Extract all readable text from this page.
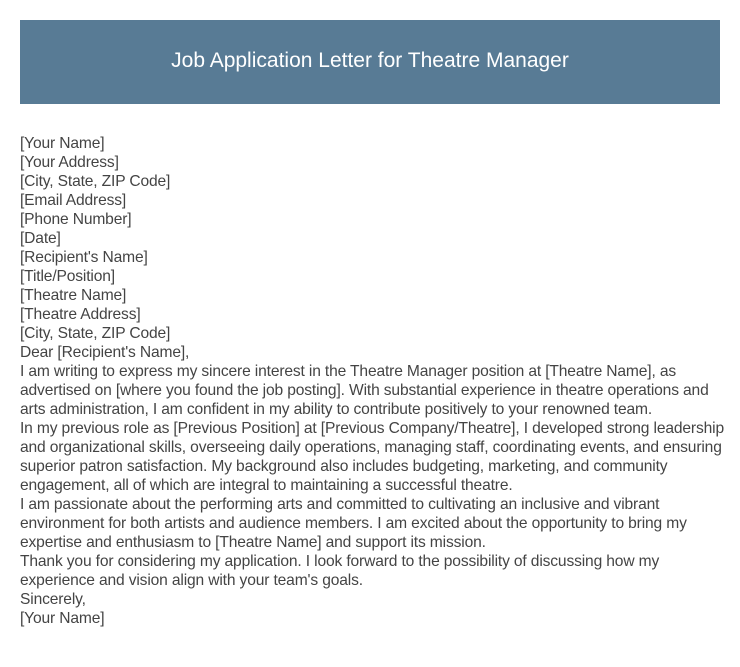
Job Application Letter for Theatre Manager
[Your Name]
[Your Address]
[City, State, ZIP Code]
[Email Address]
[Phone Number]
[Date]
[Recipient's Name]
[Title/Position]
[Theatre Name]
[Theatre Address]
[City, State, ZIP Code]
Dear [Recipient's Name],
I am writing to express my sincere interest in the Theatre Manager position at [Theatre Name], as advertised on [where you found the job posting]. With substantial experience in theatre operations and arts administration, I am confident in my ability to contribute positively to your renowned team.
In my previous role as [Previous Position] at [Previous Company/Theatre], I developed strong leadership and organizational skills, overseeing daily operations, managing staff, coordinating events, and ensuring superior patron satisfaction. My background also includes budgeting, marketing, and community engagement, all of which are integral to maintaining a successful theatre.
I am passionate about the performing arts and committed to cultivating an inclusive and vibrant environment for both artists and audience members. I am excited about the opportunity to bring my expertise and enthusiasm to [Theatre Name] and support its mission.
Thank you for considering my application. I look forward to the possibility of discussing how my experience and vision align with your team's goals.
Sincerely,
[Your Name]
